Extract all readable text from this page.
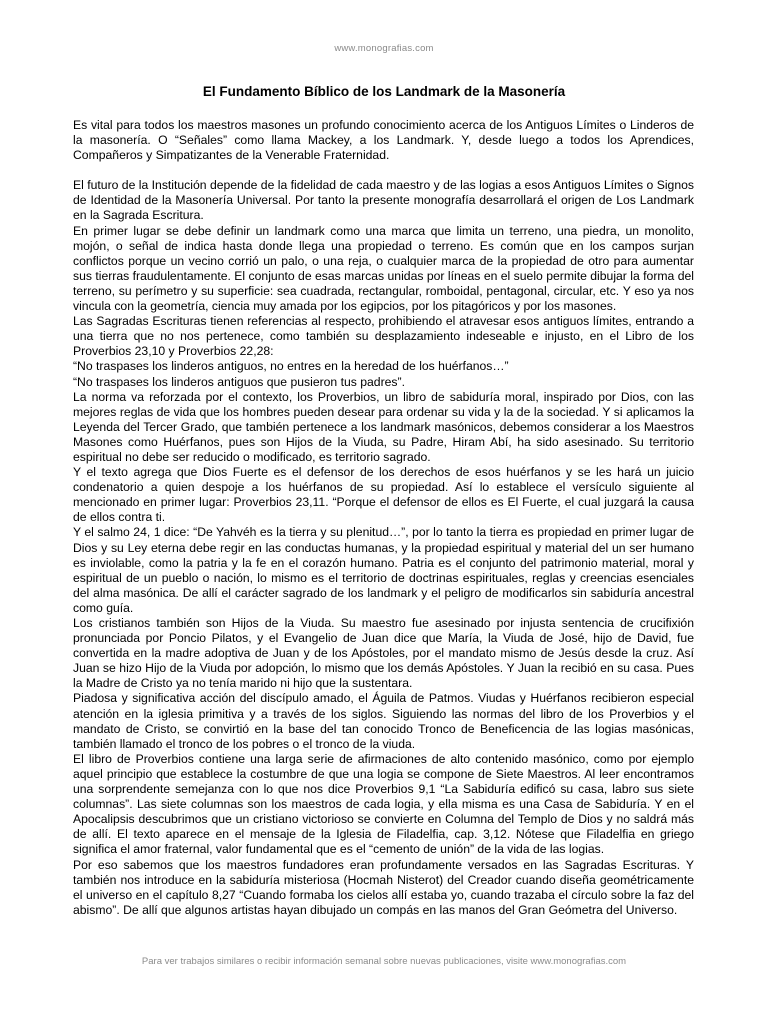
www.monografias.com
El Fundamento Bíblico de los Landmark de la Masonería

Es vital para todos los maestros masones un profundo conocimiento acerca de los Antiguos Límites o Linderos de la masonería. O “Señales” como llama Mackey, a los Landmark. Y, desde luego a todos los Aprendices, Compañeros y Simpatizantes de la Venerable Fraternidad.

El futuro de la Institución depende de la fidelidad de cada maestro y de las logias a esos Antiguos Límites o Signos de Identidad de la Masonería Universal. Por tanto la presente monografía desarrollará el origen de Los Landmark en la Sagrada Escritura.

En primer lugar se debe definir un landmark como una marca que limita un terreno, una piedra, un monolito, mojón, o señal de indica hasta donde llega una propiedad o terreno. Es común que en los campos surjan conflictos porque un vecino corrió un palo, o una reja, o cualquier marca de la propiedad de otro para aumentar sus tierras fraudulentamente. El conjunto de esas marcas unidas por líneas en el suelo permite dibujar la forma del terreno, su perímetro y su superficie: sea cuadrada, rectangular, romboidal, pentagonal, circular, etc. Y eso ya nos vincula con la geometría, ciencia muy amada por los egipcios, por los pitagóricos y por los masones.

Las Sagradas Escrituras tienen referencias al respecto, prohibiendo el atravesar esos antiguos límites, entrando a una tierra que no nos pertenece, como también su desplazamiento indeseable e injusto, en el Libro de los Proverbios 23,10 y Proverbios 22,28:

“No traspases los linderos antiguos, no entres en la heredad de los huérfanos…”

“No traspases los linderos antiguos que pusieron tus padres”.

La norma va reforzada por el contexto, los Proverbios, un libro de sabiduría moral, inspirado por Dios, con las mejores reglas de vida que los hombres pueden desear para ordenar su vida y la de la sociedad. Y si aplicamos la Leyenda del Tercer Grado, que también pertenece a los landmark masónicos, debemos considerar a los Maestros Masones como Huérfanos, pues son Hijos de la Viuda, su Padre, Hiram Abí, ha sido asesinado. Su territorio espiritual no debe ser reducido o modificado, es territorio sagrado.

Y el texto agrega que Dios Fuerte es el defensor de los derechos de esos huérfanos y se les hará un juicio condenatorio a quien despoje a los huérfanos de su propiedad. Así lo establece el versículo siguiente al mencionado en primer lugar: Proverbios 23,11. “Porque el defensor de ellos es El Fuerte, el cual juzgará la causa de ellos contra ti.

Y el salmo 24, 1 dice: “De Yahvéh es la tierra y su plenitud…”, por lo tanto la tierra es propiedad en primer lugar de Dios y su Ley eterna debe regir en las conductas humanas, y la propiedad espiritual y material del un ser humano es inviolable, como la patria y la fe en el corazón humano. Patria es el conjunto del patrimonio material, moral y espiritual de un pueblo o nación, lo mismo es el territorio de doctrinas espirituales, reglas y creencias esenciales del alma masónica. De allí el carácter sagrado de los landmark y el peligro de modificarlos sin sabiduría ancestral como guía.

Los cristianos también son Hijos de la Viuda. Su maestro fue asesinado por injusta sentencia de crucifixión pronunciada por Poncio Pilatos, y el Evangelio de Juan dice que María, la Viuda de José, hijo de David, fue convertida en la madre adoptiva de Juan y de los Apóstoles, por el mandato mismo de Jesús desde la cruz. Así Juan se hizo Hijo de la Viuda por adopción, lo mismo que los demás Apóstoles. Y Juan la recibió en su casa. Pues la Madre de Cristo ya no tenía marido ni hijo que la sustentara.

Piadosa y significativa acción del discípulo amado, el Águila de Patmos. Viudas y Huérfanos recibieron especial atención en la iglesia primitiva y a través de los siglos. Siguiendo las normas del libro de los Proverbios y el mandato de Cristo, se convirtió en la base del tan conocido Tronco de Beneficencia de las logias masónicas, también llamado el tronco de los pobres o el tronco de la viuda.

El libro de Proverbios contiene una larga serie de afirmaciones de alto contenido masónico, como por ejemplo aquel principio que establece la costumbre de que una logia se compone de Siete Maestros. Al leer encontramos una sorprendente semejanza con lo que nos dice Proverbios 9,1 “La Sabiduría edificó su casa, labro sus siete columnas”. Las siete columnas son los maestros de cada logia, y ella misma es una Casa de Sabiduría. Y en el Apocalipsis descubrimos que un cristiano victorioso se convierte en Columna del Templo de Dios y no saldrá más de allí. El texto aparece en el mensaje de la Iglesia de Filadelfia, cap. 3,12. Nótese que Filadelfia en griego significa el amor fraternal, valor fundamental que es el “cemento de unión” de la vida de las logias.

Por eso sabemos que los maestros fundadores eran profundamente versados en las Sagradas Escrituras. Y también nos introduce en la sabiduría misteriosa (Hocmah Nisterot) del Creador cuando diseña geométricamente el universo en el capítulo 8,27 “Cuando formaba los cielos allí estaba yo, cuando trazaba el círculo sobre la faz del abismo”. De allí que algunos artistas hayan dibujado un compás en las manos del Gran Geómetra del Universo.

Para ver trabajos similares o recibir información semanal sobre nuevas publicaciones, visite www.monografias.com
